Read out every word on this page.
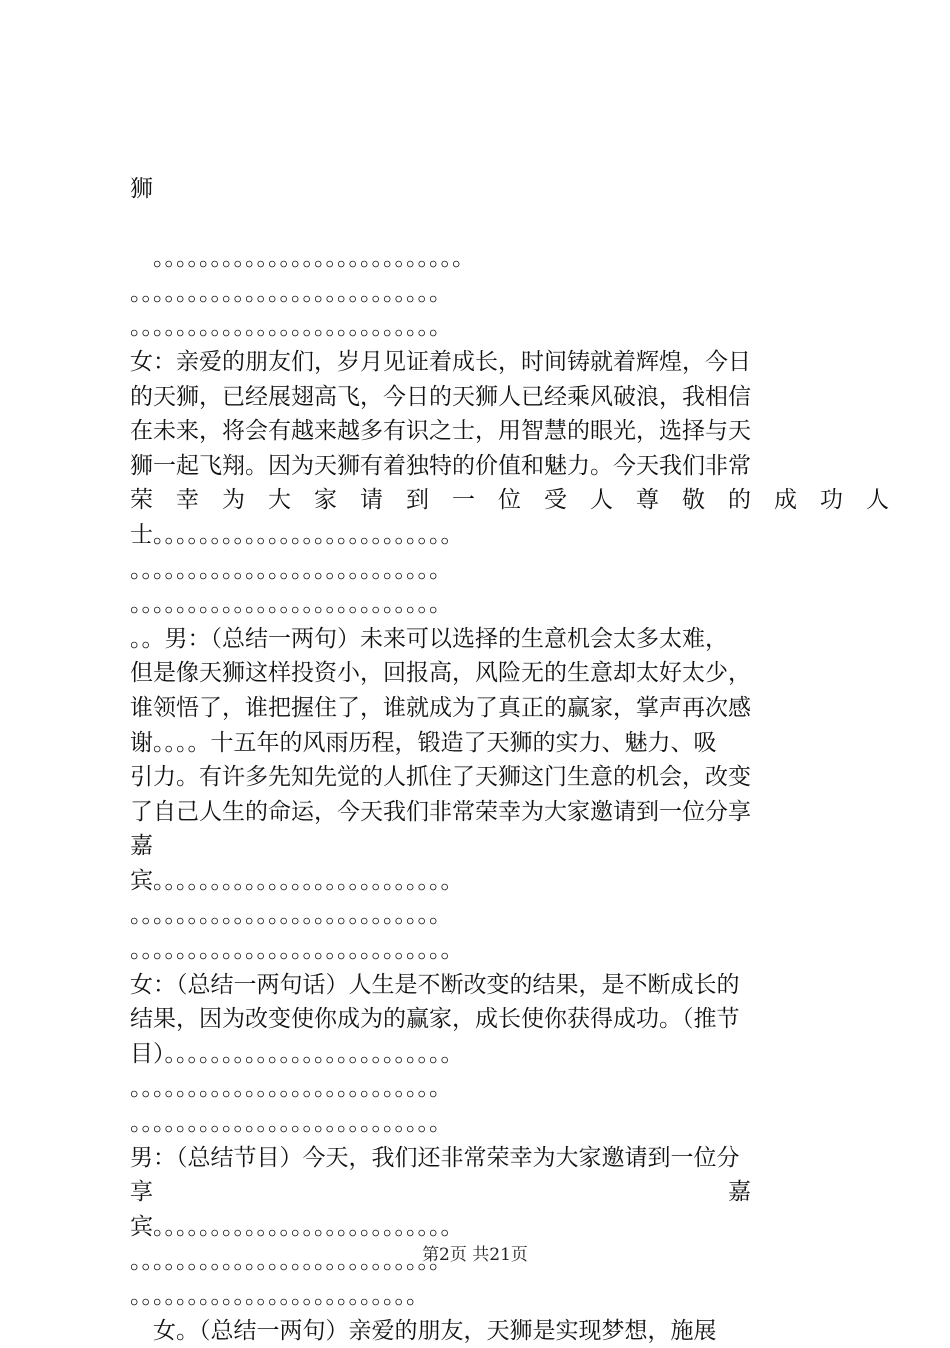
狮
　。。。。。。。。。。。。。。。。。。。。。。。。。。。
。。。。。。。。。。。。。。。。。。。。。。。。。。。
。。。。。。。。。。。。。。。。。。。。。。。。。。。
女：亲爱的朋友们，岁月见证着成长，时间铸就着辉煌，今日
的天狮，已经展翅高飞，今日的天狮人已经乘风破浪，我相信
在未来，将会有越来越多有识之士，用智慧的眼光，选择与天
狮一起飞翔。因为天狮有着独特的价值和魅力。今天我们非常
荣　幸　为　大　家　请　到　一　位　受　人　尊　敬　的　成　功　人
士。。。。。。。。。。。。。。。。。。。。。。。。。。
。。。。。。。。。。。。。。。。。。。。。。。。。。。
。。。。。。。。。。。。。。。。。。。。。。。。。。。
。。男：（总结一两句）未来可以选择的生意机会太多太难，
但是像天狮这样投资小，回报高，风险无的生意却太好太少，
谁领悟了，谁把握住了，谁就成为了真正的赢家，掌声再次感
谢。。。。十五年的风雨历程，锻造了天狮的实力、魅力、吸
引力。有许多先知先觉的人抓住了天狮这门生意的机会，改变
了自己人生的命运，今天我们非常荣幸为大家邀请到一位分享
嘉
宾。。。。。。。。。。。。。。。。。。。。。。。。。。
。。。。。。。。。。。。。。。。。。。。。。。。。。。
。。。。。。。。。。。。。。。。。。。。。。。。。。。。
女：（总结一两句话）人生是不断改变的结果，是不断成长的
结果，因为改变使你成为的赢家，成长使你获得成功。（推节
目）。。。。。。。。。。。。。。。。。。。。。。。。。
。。。。。。。。。。。。。。。。。。。。。。。。。。。
。。。。。。。。。。。。。。。。。。。。。。。。。。。
男：（总结节目）今天，我们还非常荣幸为大家邀请到一位分
享　　　　　　　　　　　　　　　　　　　　　　　　　嘉
宾。。。。。。。。。。。。。。。。。。。。。。。。。。
。。。。。。。。。。。。。。。。。。。。。。。。。。。
。。。。。。。。。。。。。。。。。。。。。。。。。
　女。（总结一两句）亲爱的朋友，天狮是实现梦想，施展
第2页 共21页
